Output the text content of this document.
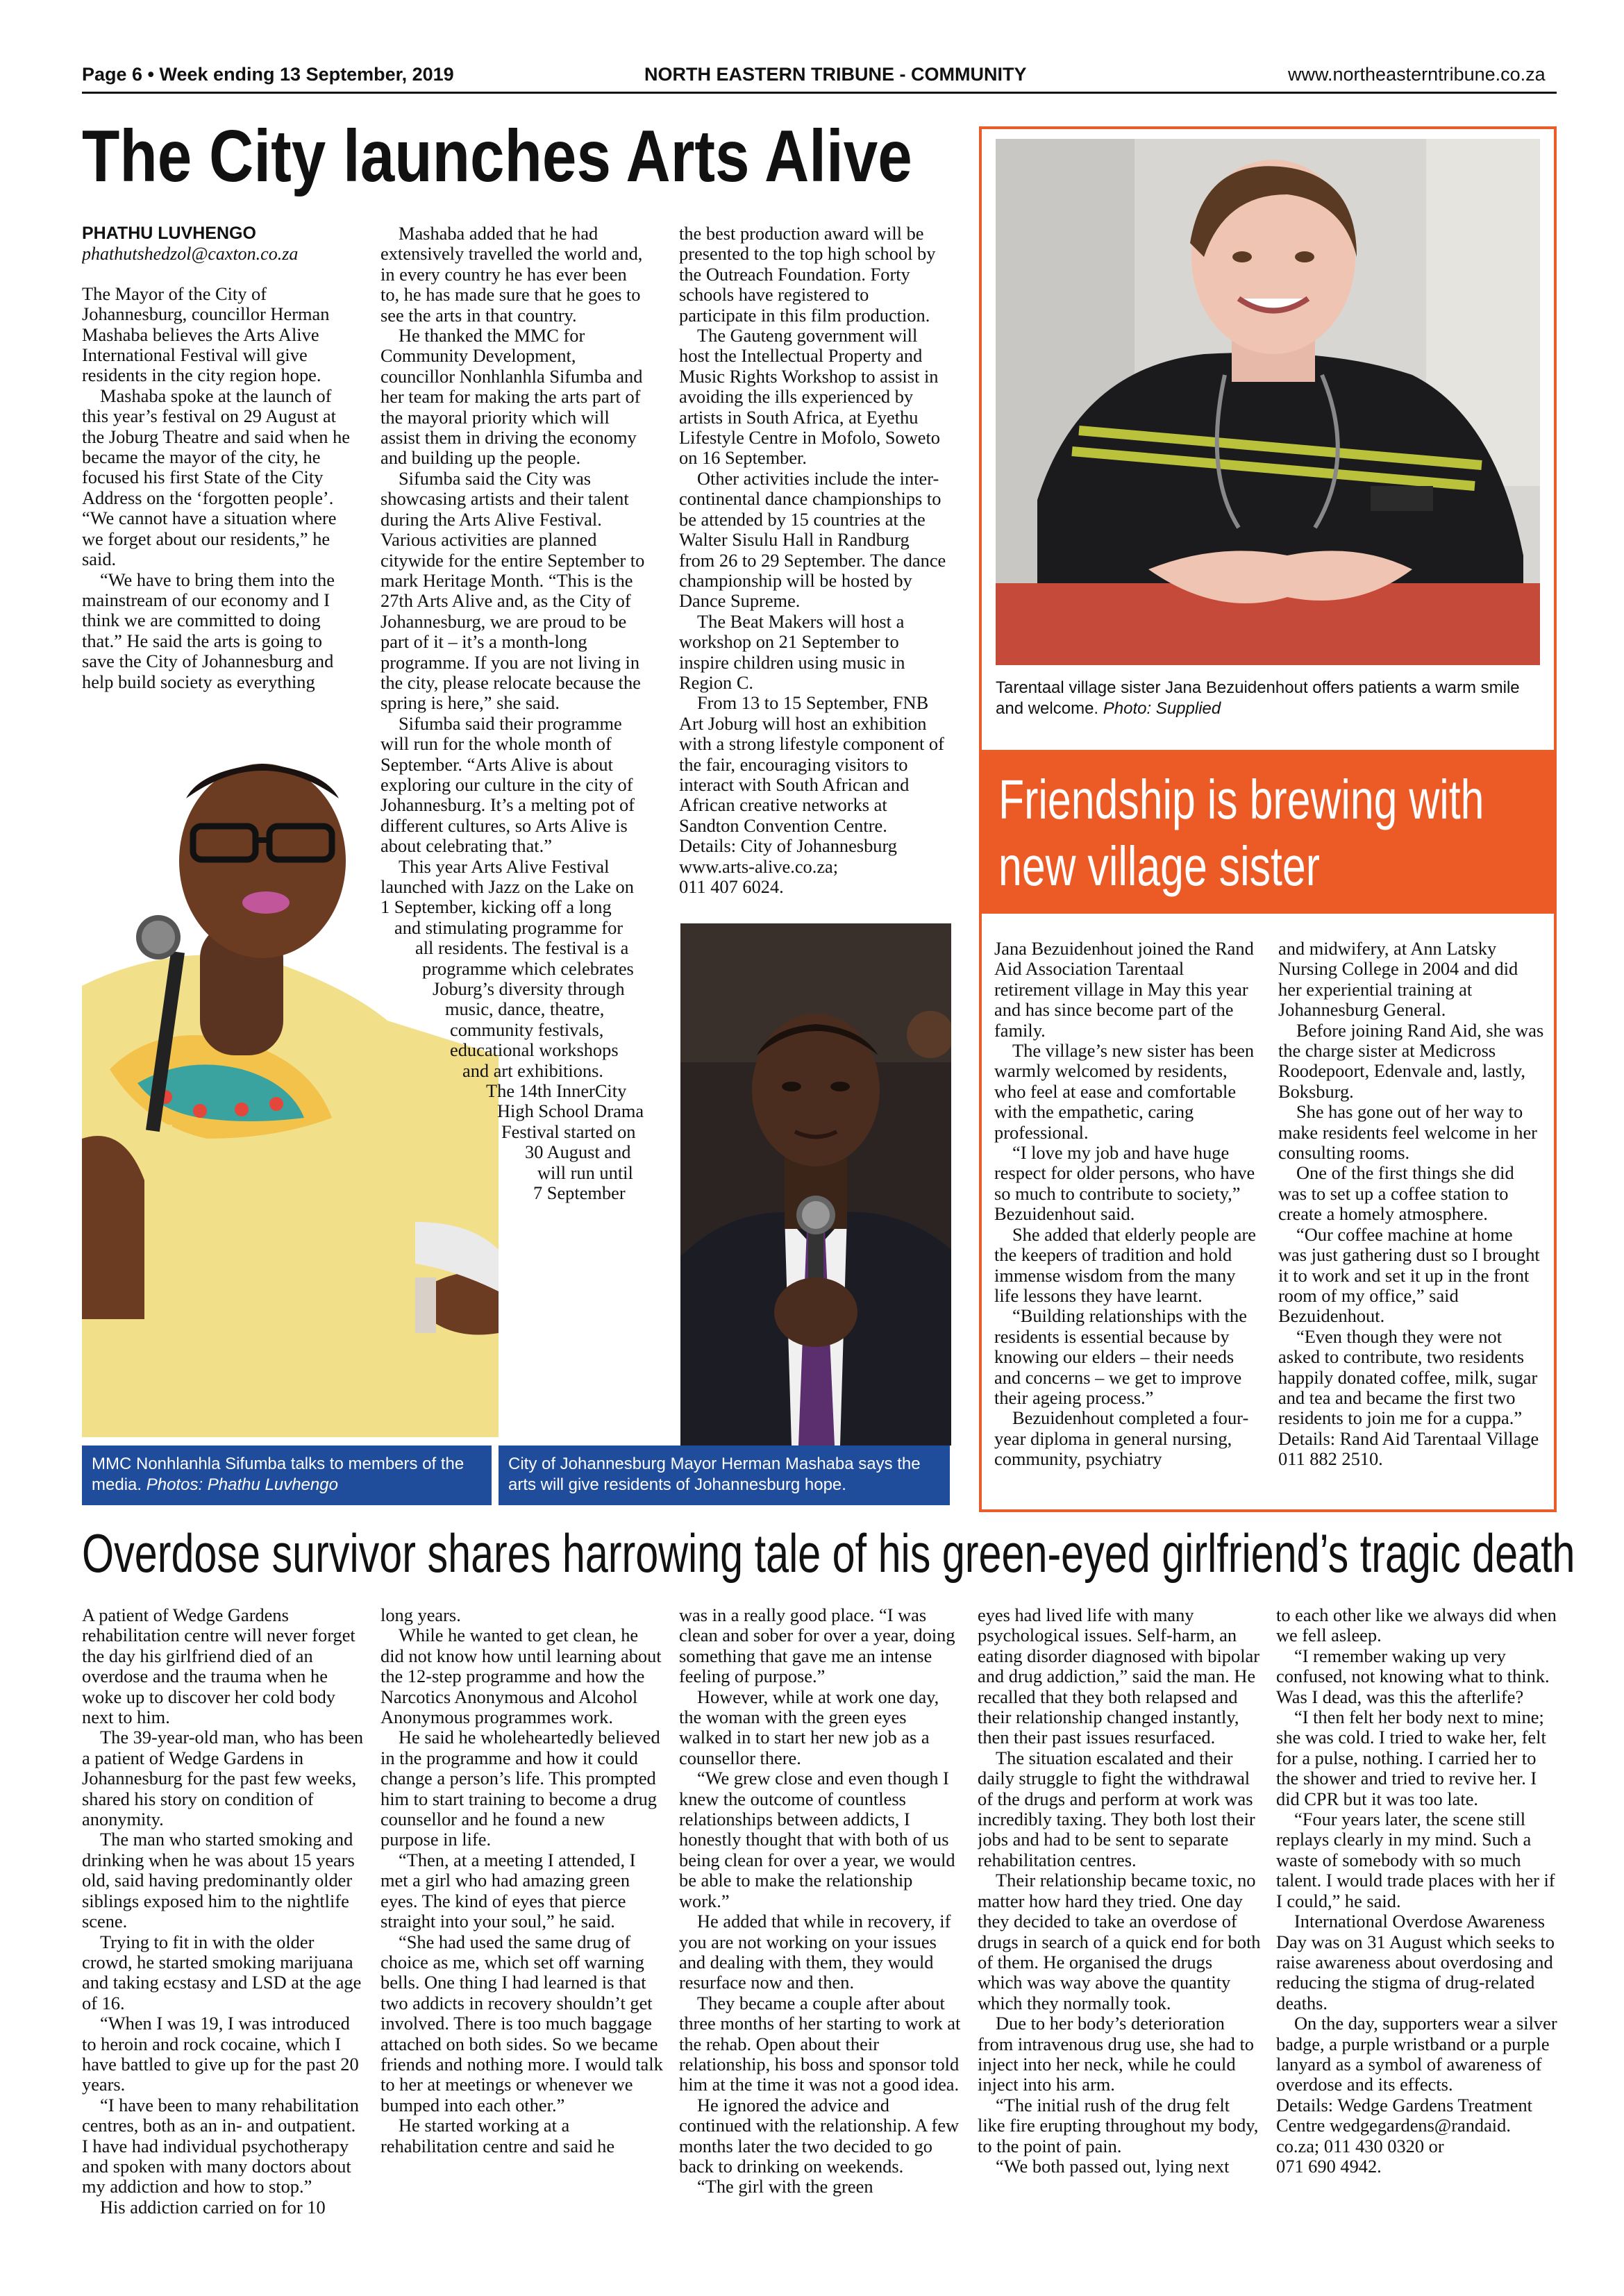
Page 6 • Week ending 13 September, 2019	NORTH EASTERN TRIBUNE - COMMUNITY	www.northeasterntribune.co.za
The City launches Arts Alive
PHATHU LUVHENGO
phathutshedzol@caxton.co.za

The Mayor of the City of Johannesburg, councillor Herman Mashaba believes the Arts Alive International Festival will give residents in the city region hope.

Mashaba spoke at the launch of this year’s festival on 29 August at the Joburg Theatre and said when he became the mayor of the city, he focused his first State of the City Address on the ‘forgotten people’. “We cannot have a situation where we forget about our residents,” he said.

“We have to bring them into the mainstream of our economy and I think we are committed to doing that.” He said the arts is going to save the City of Johannesburg and help build society as everything

Mashaba added that he had extensively travelled the world and, in every country he has ever been to, he has made sure that he goes to see the arts in that country.

He thanked the MMC for Community Development, councillor Nonhlanhla Sifumba and her team for making the arts part of the mayoral priority which will assist them in driving the economy and building up the people.

Sifumba said the City was showcasing artists and their talent during the Arts Alive Festival. Various activities are planned citywide for the entire September to mark Heritage Month. “This is the 27th Arts Alive and, as the City of Johannesburg, we are proud to be part of it – it’s a month-long programme. If you are not living in the city, please relocate because the spring is here,” she said.

Sifumba said their programme will run for the whole month of September. “Arts Alive is about exploring our culture in the city of Johannesburg. It’s a melting pot of different cultures, so Arts Alive is about celebrating that.”

This year Arts Alive Festival
launched with Jazz on the Lake on
1 September, kicking off a long
and stimulating programme for
all residents. The festival is a
programme which celebrates
Joburg’s diversity through
music, dance, theatre,
community festivals,
educational workshops
and art exhibitions.
The 14th InnerCity
High School Drama
Festival started on
30 August and
will run until
7 September

the best production award will be presented to the top high school by the Outreach Foundation. Forty schools have registered to participate in this film production.

The Gauteng government will host the Intellectual Property and Music Rights Workshop to assist in avoiding the ills experienced by artists in South Africa, at Eyethu Lifestyle Centre in Mofolo, Soweto on 16 September.

Other activities include the inter-continental dance championships to be attended by 15 countries at the Walter Sisulu Hall in Randburg from 26 to 29 September. The dance championship will be hosted by Dance Supreme.

The Beat Makers will host a workshop on 21 September to inspire children using music in Region C.

From 13 to 15 September, FNB Art Joburg will host an exhibition with a strong lifestyle component of the fair, encouraging visitors to interact with South African and African creative networks at Sandton Convention Centre.

Details: City of Johannesburg
www.arts-alive.co.za;
011 407 6024.
MMC Nonhlanhla Sifumba talks to members of the media. Photos: Phathu Luvhengo
City of Johannesburg Mayor Herman Mashaba says the arts will give residents of Johannesburg hope.
Tarentaal village sister Jana Bezuidenhout offers patients a warm smile and welcome. Photo: Supplied
Friendship is brewing with
new village sister

Jana Bezuidenhout joined the Rand Aid Association Tarentaal retirement village in May this year and has since become part of the family.

The village’s new sister has been warmly welcomed by residents, who feel at ease and comfortable with the empathetic, caring professional.

“I love my job and have huge respect for older persons, who have so much to contribute to society,” Bezuidenhout said.

She added that elderly people are the keepers of tradition and hold immense wisdom from the many life lessons they have learnt.

“Building relationships with the residents is essential because by knowing our elders – their needs and concerns – we get to improve their ageing process.”

Bezuidenhout completed a four-year diploma in general nursing, community, psychiatry

and midwifery, at Ann Latsky Nursing College in 2004 and did her experiential training at Johannesburg General.

Before joining Rand Aid, she was the charge sister at Medicross Roodepoort, Edenvale and, lastly, Boksburg.

She has gone out of her way to make residents feel welcome in her consulting rooms.

One of the first things she did was to set up a coffee station to create a homely atmosphere.

“Our coffee machine at home was just gathering dust so I brought it to work and set it up in the front room of my office,” said Bezuidenhout.

“Even though they were not asked to contribute, two residents happily donated coffee, milk, sugar and tea and became the first two residents to join me for a cuppa.”

Details: Rand Aid Tarentaal Village 011 882 2510.

Overdose survivor shares harrowing tale of his green-eyed girlfriend’s tragic death

A patient of Wedge Gardens rehabilitation centre will never forget the day his girlfriend died of an overdose and the trauma when he woke up to discover her cold body next to him.

The 39-year-old man, who has been a patient of Wedge Gardens in Johannesburg for the past few weeks, shared his story on condition of anonymity.

The man who started smoking and drinking when he was about 15 years old, said having predominantly older siblings exposed him to the nightlife scene.

Trying to fit in with the older crowd, he started smoking marijuana and taking ecstasy and LSD at the age of 16.

“When I was 19, I was introduced to heroin and rock cocaine, which I have battled to give up for the past 20 years.

“I have been to many rehabilitation centres, both as an in- and outpatient. I have had individual psychotherapy and spoken with many doctors about my addiction and how to stop.”

His addiction carried on for 10

long years.

While he wanted to get clean, he did not know how until learning about the 12-step programme and how the Narcotics Anonymous and Alcohol Anonymous programmes work.

He said he wholeheartedly believed in the programme and how it could change a person’s life. This prompted him to start training to become a drug counsellor and he found a new purpose in life.

“Then, at a meeting I attended, I met a girl who had amazing green eyes. The kind of eyes that pierce straight into your soul,” he said.

“She had used the same drug of choice as me, which set off warning bells. One thing I had learned is that two addicts in recovery shouldn’t get involved. There is too much baggage attached on both sides. So we became friends and nothing more. I would talk to her at meetings or whenever we bumped into each other.”

He started working at a rehabilitation centre and said he

was in a really good place. “I was clean and sober for over a year, doing something that gave me an intense feeling of purpose.”

However, while at work one day, the woman with the green eyes walked in to start her new job as a counsellor there.

“We grew close and even though I knew the outcome of countless relationships between addicts, I honestly thought that with both of us being clean for over a year, we would be able to make the relationship work.”

He added that while in recovery, if you are not working on your issues and dealing with them, they would resurface now and then.

They became a couple after about three months of her starting to work at the rehab. Open about their relationship, his boss and sponsor told him at the time it was not a good idea.

He ignored the advice and continued with the relationship. A few months later the two decided to go back to drinking on weekends.

“The girl with the green

eyes had lived life with many psychological issues. Self-harm, an eating disorder diagnosed with bipolar and drug addiction,” said the man. He recalled that they both relapsed and their relationship changed instantly, then their past issues resurfaced.

The situation escalated and their daily struggle to fight the withdrawal of the drugs and perform at work was incredibly taxing. They both lost their jobs and had to be sent to separate rehabilitation centres.

Their relationship became toxic, no matter how hard they tried. One day they decided to take an overdose of drugs in search of a quick end for both of them. He organised the drugs which was way above the quantity which they normally took.

Due to her body’s deterioration from intravenous drug use, she had to inject into her neck, while he could inject into his arm.

“The initial rush of the drug felt like fire erupting throughout my body, to the point of pain.

“We both passed out, lying next

to each other like we always did when we fell asleep.

“I remember waking up very confused, not knowing what to think. Was I dead, was this the afterlife?

“I then felt her body next to mine; she was cold. I tried to wake her, felt for a pulse, nothing. I carried her to the shower and tried to revive her. I did CPR but it was too late.

“Four years later, the scene still replays clearly in my mind. Such a waste of somebody with so much talent. I would trade places with her if I could,” he said.

International Overdose Awareness Day was on 31 August which seeks to raise awareness about overdosing and reducing the stigma of drug-related deaths.

On the day, supporters wear a silver badge, a purple wristband or a purple lanyard as a symbol of awareness of overdose and its effects.

Details: Wedge Gardens Treatment
Centre wedgegardens@randaid.
co.za; 011 430 0320 or
071 690 4942.
